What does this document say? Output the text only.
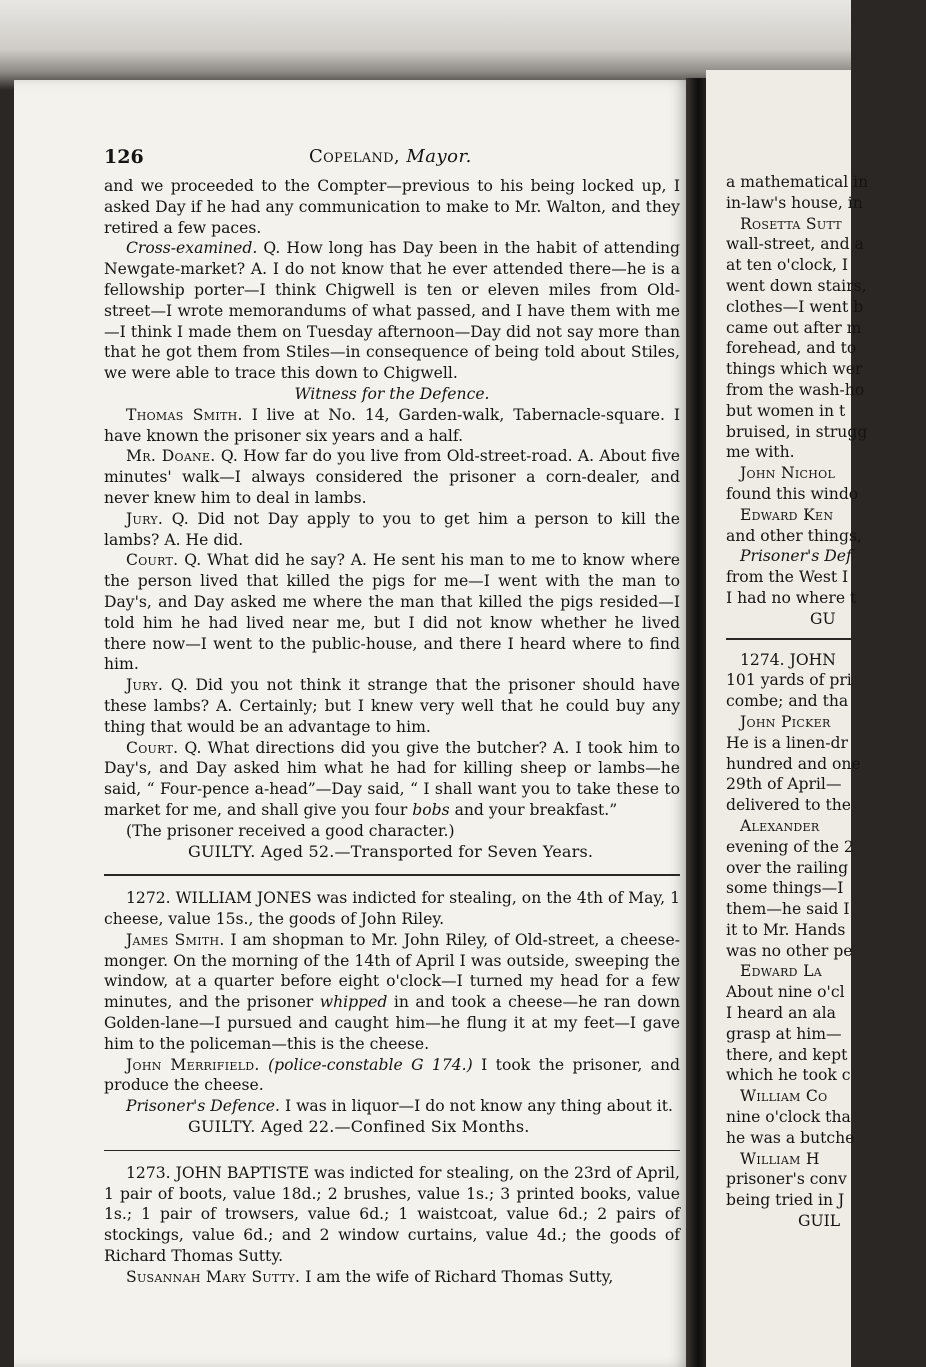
126	Copeland, Mayor.

and we proceeded to the Compter—previous to his being locked up, I asked Day if he had any communication to make to Mr. Walton, and they retired a few paces.

Cross-examined. Q. How long has Day been in the habit of attending Newgate-market? A. I do not know that he ever attended there—he is a fellowship porter—I think Chigwell is ten or eleven miles from Old-street—I wrote memorandums of what passed, and I have them with me—I think I made them on Tuesday afternoon—Day did not say more than that he got them from Stiles—in consequence of being told about Stiles, we were able to trace this down to Chigwell.

Witness for the Defence.

Thomas Smith. I live at No. 14, Garden-walk, Tabernacle-square. I have known the prisoner six years and a half.

Mr. Doane. Q. How far do you live from Old-street-road. A. About five minutes' walk—I always considered the prisoner a corn-dealer, and never knew him to deal in lambs.

Jury. Q. Did not Day apply to you to get him a person to kill the lambs? A. He did.

Court. Q. What did he say? A. He sent his man to me to know where the person lived that killed the pigs for me—I went with the man to Day's, and Day asked me where the man that killed the pigs resided—I told him he had lived near me, but I did not know whether he lived there now—I went to the public-house, and there I heard where to find him.

Jury. Q. Did you not think it strange that the prisoner should have these lambs? A. Certainly; but I knew very well that he could buy any thing that would be an advantage to him.

Court. Q. What directions did you give the butcher? A. I took him to Day's, and Day asked him what he had for killing sheep or lambs—he said, “ Four-pence a-head”—Day said, “ I shall want you to take these to market for me, and shall give you four bobs and your breakfast.”

(The prisoner received a good character.)

GUILTY. Aged 52.—Transported for Seven Years.

1272. WILLIAM JONES was indicted for stealing, on the 4th of May, 1 cheese, value 15s., the goods of John Riley.

James Smith. I am shopman to Mr. John Riley, of Old-street, a cheese-monger. On the morning of the 14th of April I was outside, sweeping the window, at a quarter before eight o'clock—I turned my head for a few minutes, and the prisoner whipped in and took a cheese—he ran down Golden-lane—I pursued and caught him—he flung it at my feet—I gave him to the policeman—this is the cheese.

John Merrifield. (police-constable G 174.) I took the prisoner, and produce the cheese.

Prisoner's Defence. I was in liquor—I do not know any thing about it.

GUILTY. Aged 22.—Confined Six Months.

1273. JOHN BAPTISTE was indicted for stealing, on the 23rd of April, 1 pair of boots, value 18d.; 2 brushes, value 1s.; 3 printed books, value 1s.; 1 pair of trowsers, value 6d.; 1 waistcoat, value 6d.; 2 pairs of stockings, value 6d.; and 2 window curtains, value 4d.; the goods of Richard Thomas Sutty.

Susannah Mary Sutty. I am the wife of Richard Thomas Sutty,

a mathematical in

in-law's house, in

Rosetta Sutt

wall-street, and a

at ten o'clock, I

went down stairs,

clothes—I went b

came out after m

forehead, and to

things which wer

from the wash-ho

but women in t

bruised, in strugg

me with.

John Nichol

found this windo

Edward Ken

and other things,

Prisoner's Def

from the West I

I had no where t

GU

1274. JOHN

101 yards of pri

combe; and tha

John Picker

He is a linen-dr

hundred and one

29th of April—

delivered to the

Alexander

evening of the 2

over the railing

some things—I

them—he said I

it to Mr. Hands

was no other pe

Edward La

About nine o'cl

I heard an ala

grasp at him—

there, and kept

which he took c

William Co

nine o'clock tha

he was a butche

William H

prisoner's conv

being tried in J

GUIL
